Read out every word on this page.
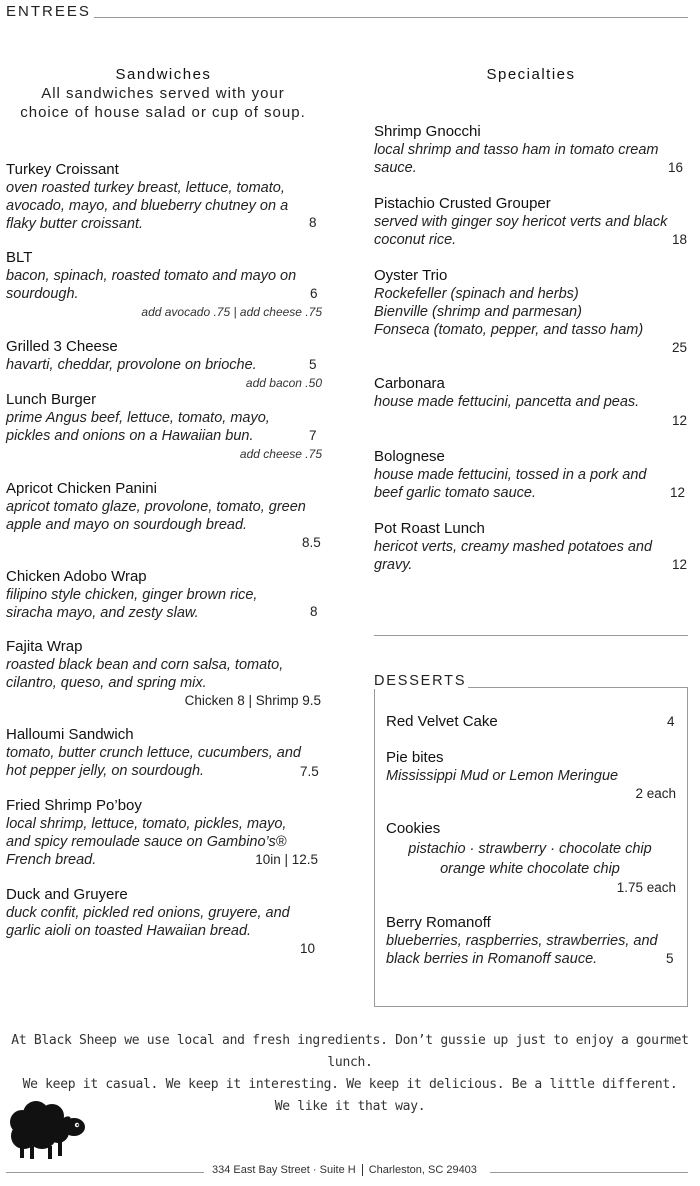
ENTREES
Sandwiches
All sandwiches served with your
choice of house salad or cup of soup.
Turkey Croissant
oven roasted turkey breast, lettuce, tomato, avocado, mayo, and blueberry chutney on a flaky butter croissant.	8
BLT
bacon, spinach, roasted tomato and mayo on sourdough.	6
add avocado .75 | add cheese .75
Grilled 3 Cheese
havarti, cheddar, provolone on brioche.	5
add bacon .50
Lunch Burger
prime Angus beef, lettuce, tomato, mayo, pickles and onions on a Hawaiian bun.	7
add cheese .75
Apricot Chicken Panini
apricot tomato glaze, provolone, tomato, green apple and mayo on sourdough bread.
8.5
Chicken Adobo Wrap
filipino style chicken, ginger brown rice, siracha mayo, and zesty slaw.	8
Fajita Wrap
roasted black bean and corn salsa, tomato, cilantro, queso, and spring mix.
Chicken 8 | Shrimp 9.5
Halloumi Sandwich
tomato, butter crunch lettuce, cucumbers, and hot pepper jelly, on sourdough.	7.5
Fried Shrimp Po’boy
local shrimp, lettuce, tomato, pickles, mayo, and spicy remoulade sauce on Gambino’s® French bread.	10in | 12.5
Duck and Gruyere
duck confit, pickled red onions, gruyere, and garlic aioli on toasted Hawaiian bread.
10
Specialties
Shrimp Gnocchi
local shrimp and tasso ham in tomato cream sauce.	16
Pistachio Crusted Grouper
served with ginger soy hericot verts and black coconut rice.	18
Oyster Trio
Rockefeller (spinach and herbs)
Bienville (shrimp and parmesan)
Fonseca (tomato, pepper, and tasso ham)
25
Carbonara
house made fettucini, pancetta and peas.
12
Bolognese
house made fettucini, tossed in a pork and beef garlic tomato sauce.	12
Pot Roast Lunch
hericot verts, creamy mashed potatoes and gravy.	12
DESSERTS
Red Velvet Cake	4
Pie bites
Mississippi Mud or Lemon Meringue
2 each
Cookies
pistachio · strawberry · chocolate chip
orange white chocolate chip
1.75 each
Berry Romanoff
blueberries, raspberries, strawberries, and black berries in Romanoff sauce.	5
At Black Sheep we use local and fresh ingredients. Don’t gussie up just to enjoy a gourmet lunch.
We keep it casual. We keep it interesting. We keep it delicious. Be a little different.
We like it that way.
334 East Bay Street · Suite H Charleston, SC 29403
